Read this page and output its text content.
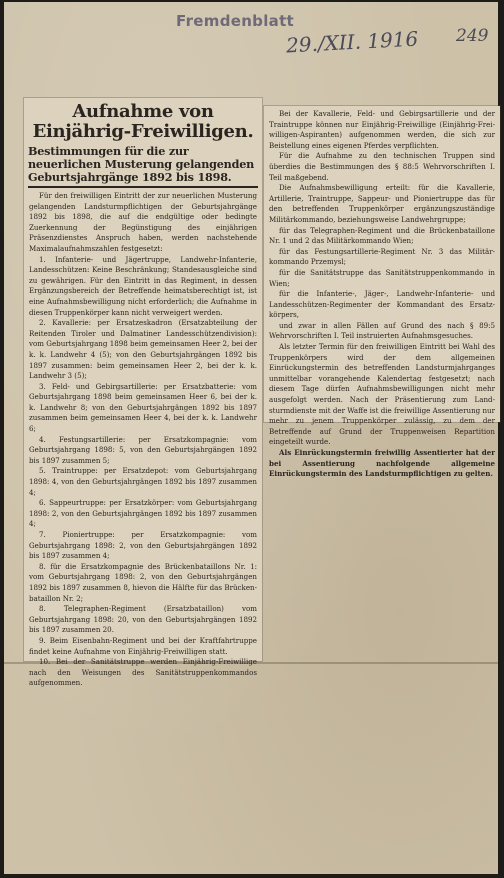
Fremdenblatt
29./XII. 1916 249
Aufnahme von Einjährig-Freiwilligen.
Bestimmungen für die zur neuerlichen Musterung gelangenden Geburtsjahrgänge 1892 bis 1898.
Für den freiwilligen Eintritt der zur neuerlichen Musterung gelangenden Landsturmpflichtigen der Geburtsjahrgänge 1892 bis 1898, die auf die endgültige oder bedingte Zuerkennung der Begünstigung des einjährigen Präsenzdienstes Anspruch haben, werden nachstehende Maximalaufnahmszahlen festgesetzt:
1. Infanterie- und Jägertruppe, Landwehr-Infanterie, Landesschützen: Keine Beschränkung; Standesausgleiche sind zu gewährigen. Für den Eintritt in das Regiment, in dessen Ergänzungsbereich der Betreffende heimatsberechtigt ist, ist eine Aufnahmsbewilligung nicht erforderlich; die Aufnahme in diesen Truppenkörper kann nicht verweigert werden.
2. Kavallerie: per Ersatzeskadron (Ersatzabteilung der Reitenden Tiroler und Dalmatiner Landesschützendivision): vom Geburtsjahrgang 1898 beim gemeinsamen Heer 2, bei der k. k. Landwehr 4 (5); von den Geburtsjahrgängen 1892 bis 1897 zusammen: beim gemeinsamen Heer 2, bei der k. k. Landwehr 3 (5);
3. Feld- und Gebirgsartillerie: per Ersatzbatterie: vom Geburtsjahrgang 1898 beim gemeinsamen Heer 6, bei der k. k. Landwehr 8; von den Geburtsjahrgängen 1892 bis 1897 zusammen beim gemeinsamen Heer 4, bei der k. k. Landwehr 6;
4. Festungsartillerie: per Ersatzkompagnie: vom Geburtsjahrgang 1898: 5, von den Geburtsjahrgängen 1892 bis 1897 zusammen 5;
5. Traintruppe: per Ersatzdepot: vom Geburtsjahrgang 1898: 4, von den Geburtsjahrgängen 1892 bis 1897 zusammen 4;
6. Sappeurtruppe: per Ersatzkörper: vom Geburtsjahrgang 1898: 2, von den Geburtsjahrgängen 1892 bis 1897 zusammen 4;
7. Pioniertruppe: per Ersatzkompagnie: vom Geburtsjahrgang 1898: 2, von den Geburtsjahrgängen 1892 bis 1897 zusammen 4;
8. für die Ersatzkompagnie des Brückenbataillons Nr. 1: vom Geburtsjahrgang 1898: 2, von den Geburtsjahrgängen 1892 bis 1897 zusammen 8, hievon die Hälfte für das Brückenbataillon Nr. 2;
8. Telegraphen-Regiment (Ersatzbataillon) vom Geburtsjahrgang 1898: 20, von den Geburtsjahrgängen 1892 bis 1897 zusammen 20.
9. Beim Eisenbahn-Regiment und bei der Kraftfahrtruppe findet keine Aufnahme von Einjährig-Freiwilligen statt.
10. Bei der Sanitätstruppe werden Einjährig-Freiwillige nach den Weisungen des Sanitätstruppenkommandos aufgenommen.
Bei der Kavallerie, Feld- und Gebirgsartillerie und der Traintruppe können nur Einjährig-Freiwillige (Einjährig-Freiwilligen-Aspiranten) aufgenommen werden, die sich zur Beistellung eines eigenen Pferdes verpflichten.
Für die Aufnahme zu den technischen Truppen sind überdies die Bestimmungen des § 88:5 Wehrvorschriften I. Teil maßgebend.
Die Aufnahmsbewilligung erteilt: für die Kavallerie, Artillerie, Traintruppe, Sappeur- und Pioniertruppe das für den betreffenden Truppenkörper ergänzungszuständige Militärkommando, beziehungsweise Landwehrgruppe;
für das Telegraphen-Regiment und die Brückenbataillone Nr. 1 und 2 das Militärkommando Wien;
für das Festungsartillerie-Regiment Nr. 3 das Militärkommando Przemysl;
für die Sanitätstruppe das Sanitätstruppenkommando in Wien;
für die Infanterie-, Jäger-, Landwehr-Infanterie- und Landesschützen-Regimenter der Kommandant des Ersatzkörpers,
und zwar in allen Fällen auf Grund des nach § 89:5 Wehrvorschriften I. Teil instruierten Aufnahmsgesuches.
Als letzter Termin für den freiwilligen Eintritt bei Wahl des Truppenkörpers wird der dem allgemeinen Einrückungstermin des betreffenden Landsturmjahrganges unmittelbar vorangehende Kalendertag festgesetzt; nach diesem Tage dürfen Aufnahmsbewilligungen nicht mehr ausgefolgt werden. Nach der Präsentierung zum Landsturmdienste mit der Waffe ist die freiwillige Assentierung nur mehr zu jenem Truppenkörper zulässig, zu dem der Betreffende auf Grund der Truppenweisen Repartition eingeteilt wurde.
Als Einrückungstermin freiwillig Assentierter hat der bei Assentierung nachfolgende allgemeine Einrückungstermin des Landsturmpflichtigen zu gelten.
